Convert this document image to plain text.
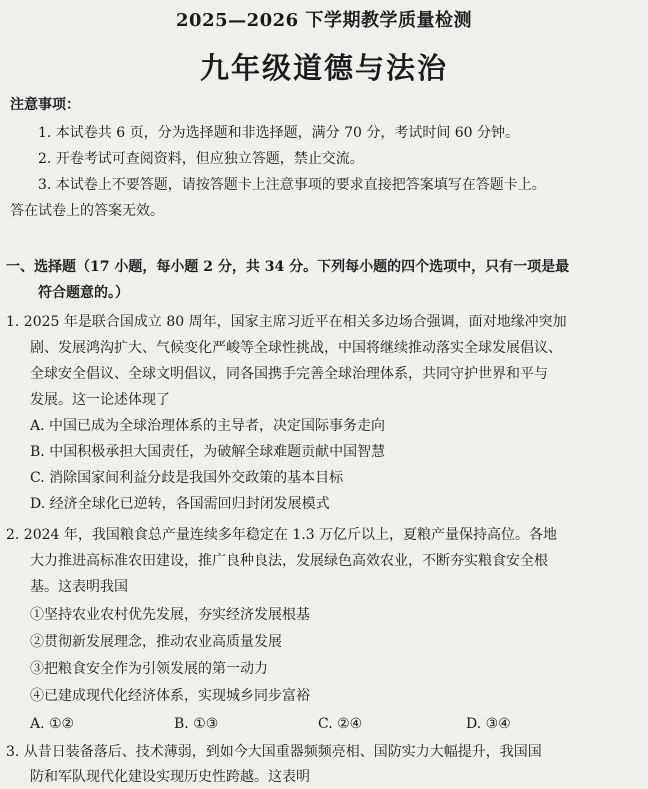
2025—2026 下学期教学质量检测
九年级道德与法治
注意事项：
1. 本试卷共 6 页，分为选择题和非选择题，满分 70 分，考试时间 60 分钟。
2. 开卷考试可查阅资料，但应独立答题，禁止交流。
3. 本试卷上不要答题，请按答题卡上注意事项的要求直接把答案填写在答题卡上。
答在试卷上的答案无效。
一、选择题（17 小题，每小题 2 分，共 34 分。下列每小题的四个选项中，只有一项是最
符合题意的。）
1. 2025 年是联合国成立 80 周年，国家主席习近平在相关多边场合强调，面对地缘冲突加
剧、发展鸿沟扩大、气候变化严峻等全球性挑战，中国将继续推动落实全球发展倡议、
全球安全倡议、全球文明倡议，同各国携手完善全球治理体系，共同守护世界和平与
发展。这一论述体现了
A. 中国已成为全球治理体系的主导者，决定国际事务走向
B. 中国积极承担大国责任，为破解全球难题贡献中国智慧
C. 消除国家间利益分歧是我国外交政策的基本目标
D. 经济全球化已逆转，各国需回归封闭发展模式
2. 2024 年，我国粮食总产量连续多年稳定在 1.3 万亿斤以上，夏粮产量保持高位。各地
大力推进高标准农田建设，推广良种良法，发展绿色高效农业，不断夯实粮食安全根
基。这表明我国
①坚持农业农村优先发展，夯实经济发展根基
②贯彻新发展理念，推动农业高质量发展
③把粮食安全作为引领发展的第一动力
④已建成现代化经济体系，实现城乡同步富裕
A. ①②	B. ①③	C. ②④	D. ③④
3. 从昔日装备落后、技术薄弱，到如今大国重器频频亮相、国防实力大幅提升，我国国
防和军队现代化建设实现历史性跨越。这表明
